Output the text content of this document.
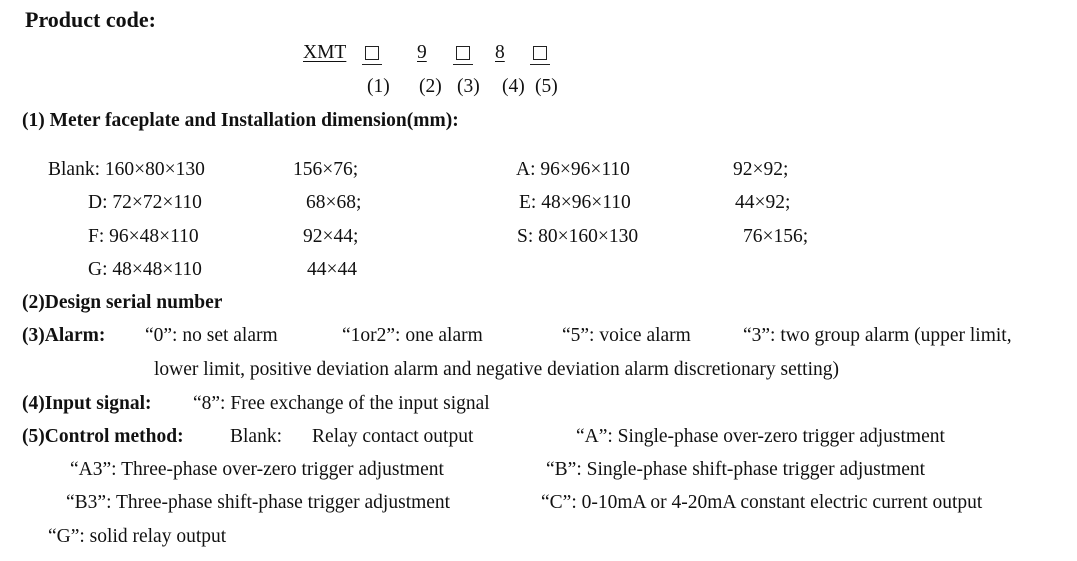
Product code:
XMT	9	8
(1) (2) (3) (4) (5)
(1) Meter faceplate and Installation dimension(mm):
Blank: 160×80×130	156×76;	A: 96×96×110	92×92;
D: 72×72×110	68×68;	E: 48×96×110	44×92;
F: 96×48×110	92×44;	S: 80×160×130	76×156;
G: 48×48×110	44×44
(2)Design serial number
(3)Alarm: “0”: no set alarm	“1or2”: one alarm	“5”: voice alarm	“3”: two group alarm (upper limit,
lower limit, positive deviation alarm and negative deviation alarm discretionary setting)
(4)Input signal: “8”: Free exchange of the input signal
(5)Control method: Blank: Relay contact output	“A”: Single-phase over-zero trigger adjustment
“A3”: Three-phase over-zero trigger adjustment	“B”: Single-phase shift-phase trigger adjustment
“B3”: Three-phase shift-phase trigger adjustment	“C”: 0-10mA or 4-20mA constant electric current output
“G”: solid relay output
